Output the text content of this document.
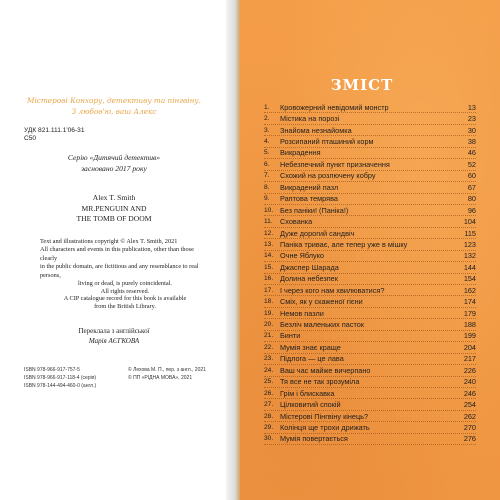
Містерові Конхору, детективу та пінгвіну.
З любов'ю, ваш Алекс
УДК 821.111.1'06-31
С50
Серію «Дитячий детектив»
засновано 2017 року
Alex T. Smith
MR.PENGUIN AND
THE TOMB OF DOOM
Text and illustrations copyright © Alex T. Smith, 2021
All characters and events in this publication, other than those clearly
in the public domain, are fictitious and any resemblance to real persons,
living or dead, is purely coincidental.
All rights reserved.
A CIP catalogue record for this book is available
from the British Library.
Переклала з англійської
Марія АЄГКОВА
ISBN 978-966-917-757-5
ISBN 978-966-917-118-4 (серія)
ISBN 978-144-494-460-0 (англ.)
© Лехова М. П., пер. з англ., 2021
© ПП «РІДНА МОВА», 2021
ЗМІСТ
1.	Кровожерний невідомий монстр	13
2.	Містика на порозі	23
3.	Знайома незнайомка	30
4.	Розсипаний пташиний корм	38
5.	Викрадення	46
6.	Небезпечний пункт призначення	52
7.	Схожий на розлючену кобру	60
8.	Викрадений пазл	67
9.	Раптова темрява	80
10. Без паніки! (Паніка!)	96
11.	Схованка	104
12. Дуже дорогий сандвіч	115
13. Паніка триває, але тепер уже в мішку	123
14. Очне Яблуко	132
15. Джаспер Шарада	144
16. Долина небезпек	154
17. І через кого нам хвилюватися?	162
18. Сміх, як у скаженої гієни	174
19. Немов пазли	179
20. Безліч маленьких пасток	188
21. Бинти	199
22. Мумія знає краще	204
23. Підлога — це лава	217
24. Ваш час майже вичерпано	226
25. Тя все не так зрозуміла	240
26. Грім і блискавка	246
27. Цілковитий спокій	254
28. Містерові Пінгвіну кінець?	262
29. Колінця ще трохи дрижать	270
30. Мумія повертається	276
